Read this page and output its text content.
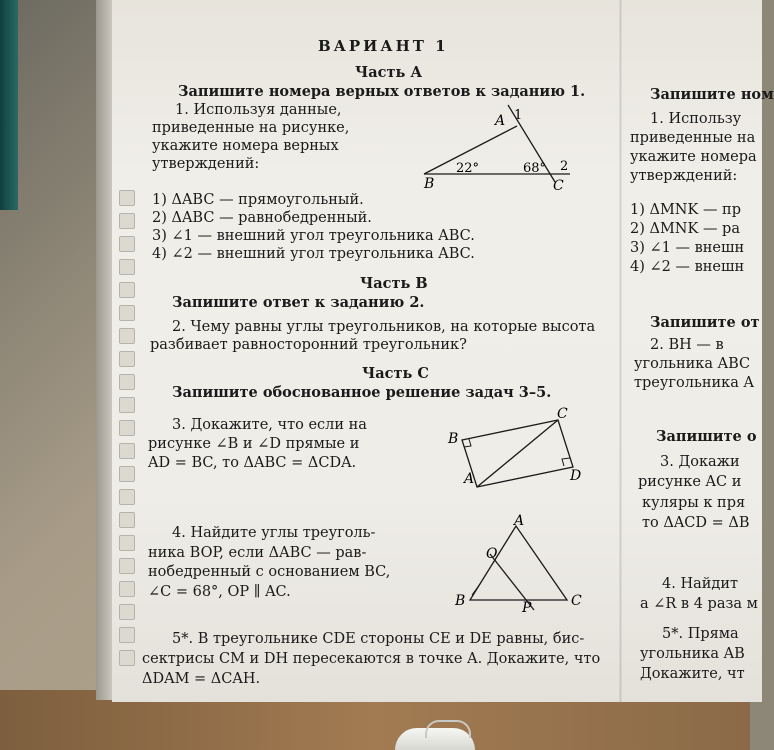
ВАРИАНТ 1
Часть А
Запишите номера верных ответов к заданию 1.
1. Используя данные,
приведенные на рисунке,
укажите номера верных
утверждений:
A 1
B	C
2
22°	68°
1) ΔABC — прямоугольный.
2) ΔABC — равнобедренный.
3) ∠1 — внешний угол треугольника ABC.
4) ∠2 — внешний угол треугольника ABC.
Часть В
Запишите ответ к заданию 2.
2. Чему равны углы треугольников, на которые высота
разбивает равносторонний треугольник?
Часть С
Запишите обоснованное решение задач 3–5.
3. Докажите, что если на
рисунке ∠B и ∠D прямые и
AD = BC, то ΔABC = ΔCDA.
B
C
D
A
4. Найдите углы треуголь-
ника BOP, если ΔABC — рав-
нобедренный с основанием BC,
∠C = 68°, OP ∥ AC.
A
O
B	C
P
5*. В треугольнике CDE стороны CE и DE равны, бис-
сектрисы CM и DH пересекаются в точке A. Докажите, что
ΔDAM = ΔCAH.
Запишите ном
1. Использу
приведенные на
укажите номера
утверждений:
1) ΔMNK — пр
2) ΔMNK — ра
3) ∠1 — внешн
4) ∠2 — внешн
Запишите от
2. BH — в
угольника ABC
треугольника A
Запишите о
3. Докажи
рисунке AC и
куляры к пря
то ΔACD = ΔB
4. Найдит
а ∠R в 4 раза м
5*. Пряма
угольника AB
Докажите, чт
